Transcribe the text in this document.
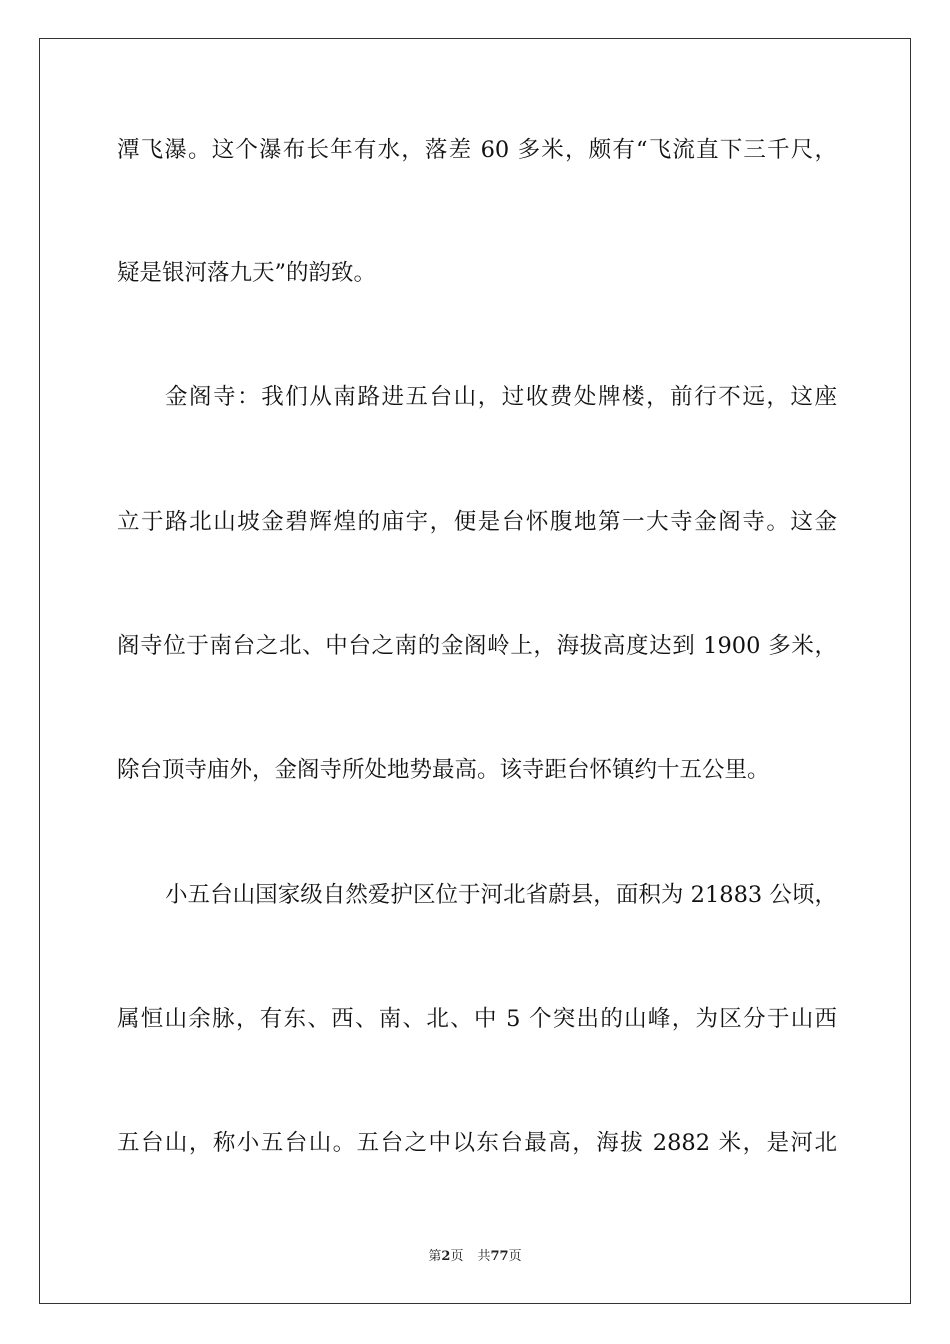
潭飞瀑。这个瀑布长年有水，落差 60 多米，颇有“飞流直下三千尺，
疑是银河落九天”的韵致。
金阁寺：我们从南路进五台山，过收费处牌楼，前行不远，这座
立于路北山坡金碧辉煌的庙宇，便是台怀腹地第一大寺金阁寺。这金
阁寺位于南台之北、中台之南的金阁岭上，海拔高度达到 1900 多米，
除台顶寺庙外，金阁寺所处地势最高。该寺距台怀镇约十五公里。
小五台山国家级自然爱护区位于河北省蔚县，面积为 21883 公顷，
属恒山余脉，有东、西、南、北、中 5 个突出的山峰，为区分于山西
五台山，称小五台山。五台之中以东台最高，海拔 2882 米，是河北
第2页 共77页
